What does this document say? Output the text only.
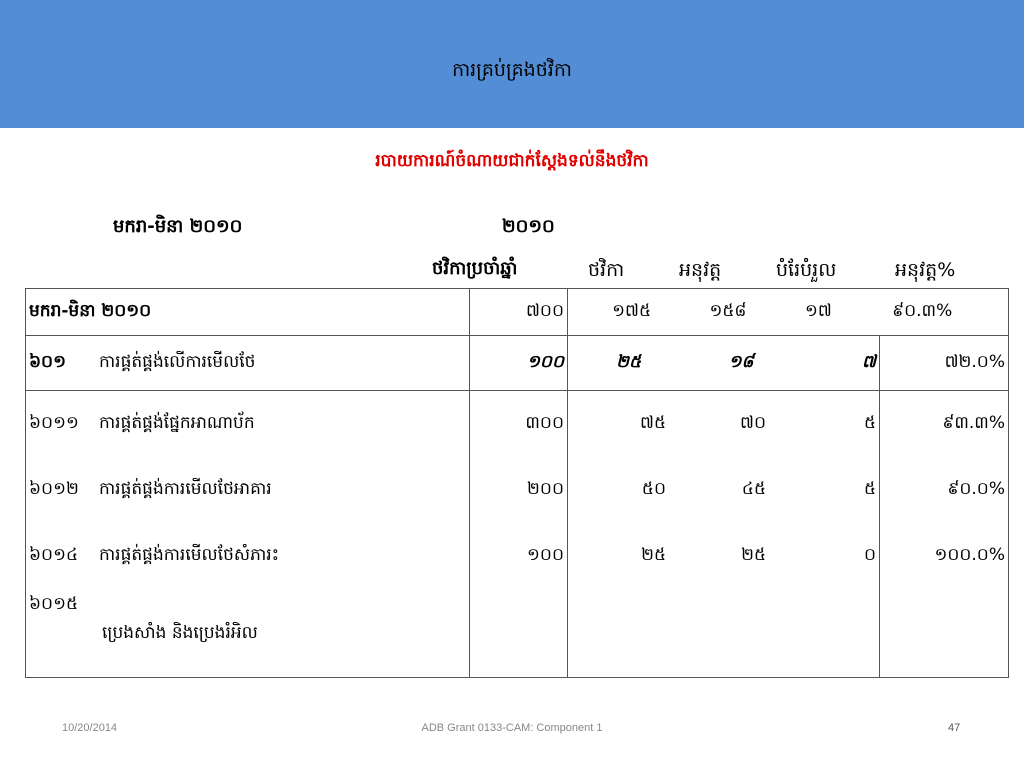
ការគ្រប់គ្រងថវិកា
របាយការណ៍ចំណាយជាក់ស្តែងទល់នឹងថវិកា
មករា-មិនា ២០១០	២០១០
ថវិកាប្រចាំឆ្នាំ	ថវិកា	អនុវត្ត	បំរែបំរួល	អនុវត្ត%
មករា-មិនា ២០១០	៧០០	១៧៥ ១៥៨ ១៧ ៩០.៣%	
៦០១ ការផ្គត់ផ្គង់លើការមើលថែ	១០០	២៥ ១៨ ៧	៧២.០%
៦០១១ ការផ្គត់ផ្គង់ផ្នែកអាណាប័ក	៣០០	៧៥ ៧០ ៥	៩៣.៣%
៦០១២ ការផ្គត់ផ្គង់ការមើលថែអាគារ	២០០	៥០ ៤៥ ៥	៩០.០%
៦០១៤ ការផ្គត់ផ្គង់ការមើលថែសំភារះ	១០០	២៥ ២៥ ០	១០០.០%

៦០១៥
ប្រេងសាំង និងប្រេងរំអិល			

10/20/2014	ADB Grant 0133-CAM: Component 1	47
